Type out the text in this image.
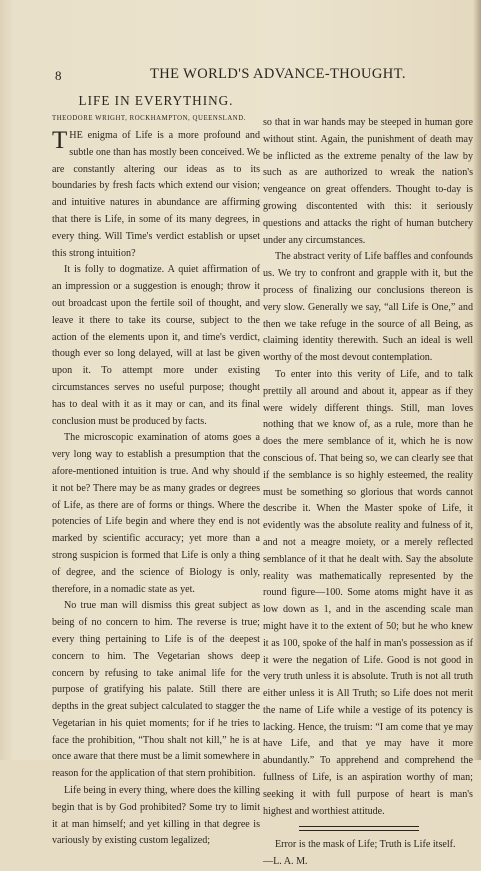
8	THE WORLD'S ADVANCE-THOUGHT.
LIFE IN EVERYTHING.
THEODORE WRIGHT, ROCKHAMPTON, QUEENSLAND.

THE enigma of Life is a more profound and subtle one than has mostly been conceived. We are constantly altering our ideas as to its boundaries by fresh facts which extend our vision; and intuitive natures in abundance are affirming that there is Life, in some of its many degrees, in every thing. Will Time's verdict establish or upset this strong intuition?

It is folly to dogmatize. A quiet affirmation of an impression or a suggestion is enough; throw it out broadcast upon the fertile soil of thought, and leave it there to take its course, subject to the action of the elements upon it, and time's verdict, though ever so long delayed, will at last be given upon it. To attempt more under existing circumstances serves no useful purpose; thought has to deal with it as it may or can, and its final conclusion must be produced by facts.

The microscopic examination of atoms goes a very long way to establish a presumption that the afore-mentioned intuition is true. And why should it not be? There may be as many grades or degrees of Life, as there are of forms or things. Where the potencies of Life begin and where they end is not marked by scientific accuracy; yet more than a strong suspicion is formed that Life is only a thing of degree, and the science of Biology is only, therefore, in a nomadic state as yet.

No true man will dismiss this great subject as being of no concern to him. The reverse is true; every thing pertaining to Life is of the deepest concern to him. The Vegetarian shows deep concern by refusing to take animal life for the purpose of gratifying his palate. Still there are depths in the great subject calculated to stagger the Vegetarian in his quiet moments; for if he tries to face the prohibition, “Thou shalt not kill,” he is at once aware that there must be a limit somewhere in reason for the application of that stern prohibition.

Life being in every thing, where does the killing begin that is by God prohibited? Some try to limit it at man himself; and yet killing in that degree is variously by existing custom legalized;

so that in war hands may be steeped in human gore without stint. Again, the punishment of death may be inflicted as the extreme penalty of the law by such as are authorized to wreak the nation's vengeance on great offenders. Thought to-day is growing discontented with this: it seriously questions and attacks the right of human butchery under any circumstances.

The abstract verity of Life baffles and confounds us. We try to confront and grapple with it, but the process of finalizing our conclusions thereon is very slow. Generally we say, “all Life is One,” and then we take refuge in the source of all Being, as claiming identity therewith. Such an ideal is well worthy of the most devout contemplation.

To enter into this verity of Life, and to talk prettily all around and about it, appear as if they were widely different things. Still, man loves nothing that we know of, as a rule, more than he does the mere semblance of it, which he is now conscious of. That being so, we can clearly see that if the semblance is so highly esteemed, the reality must be something so glorious that words cannot describe it. When the Master spoke of Life, it evidently was the absolute reality and fulness of it, and not a meagre moiety, or a merely reflected semblance of it that he dealt with. Say the absolute reality was mathematically represented by the round figure—100. Some atoms might have it as low down as 1, and in the ascending scale man might have it to the extent of 50; but he who knew it as 100, spoke of the half in man's possession as if it were the negation of Life. Good is not good in very truth unless it is absolute. Truth is not all truth either unless it is All Truth; so Life does not merit the name of Life while a vestige of its potency is lacking. Hence, the truism: “I am come that ye may have Life, and that ye may have it more abundantly.” To apprehend and comprehend the fullness of Life, is an aspiration worthy of man; seeking it with full purpose of heart is man's highest and worthiest attitude.

Error is the mask of Life; Truth is Life itself.

—L. A. M.
